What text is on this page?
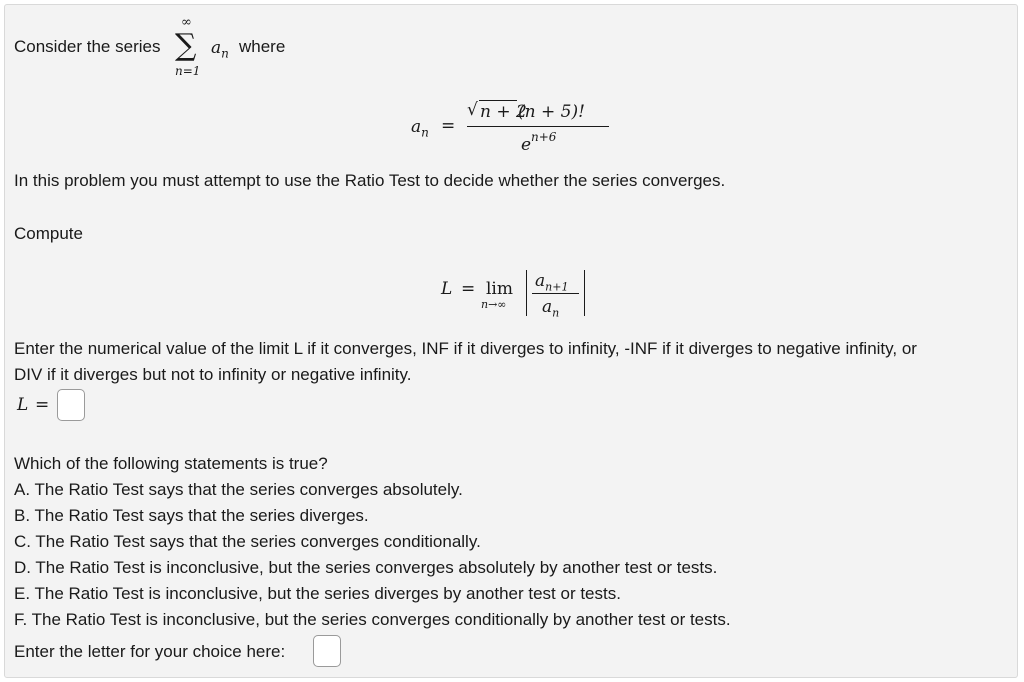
Consider the series
∞
∑
n=1
$a_n$ where
$a_n$ =
√ n + 2
(n + 5)!
e n+6
In this problem you must attempt to use the Ratio Test to decide whether the series converges.
Compute
L = lim
n→∞
$a_{n+1}$
$a_n$
Enter the numerical value of the limit L if it converges, INF if it diverges to infinity, -INF if it diverges to negative infinity, or
DIV if it diverges but not to infinity or negative infinity.
L =
Which of the following statements is true?
A. The Ratio Test says that the series converges absolutely.
B. The Ratio Test says that the series diverges.
C. The Ratio Test says that the series converges conditionally.
D. The Ratio Test is inconclusive, but the series converges absolutely by another test or tests.
E. The Ratio Test is inconclusive, but the series diverges by another test or tests.
F. The Ratio Test is inconclusive, but the series converges conditionally by another test or tests.
Enter the letter for your choice here:
